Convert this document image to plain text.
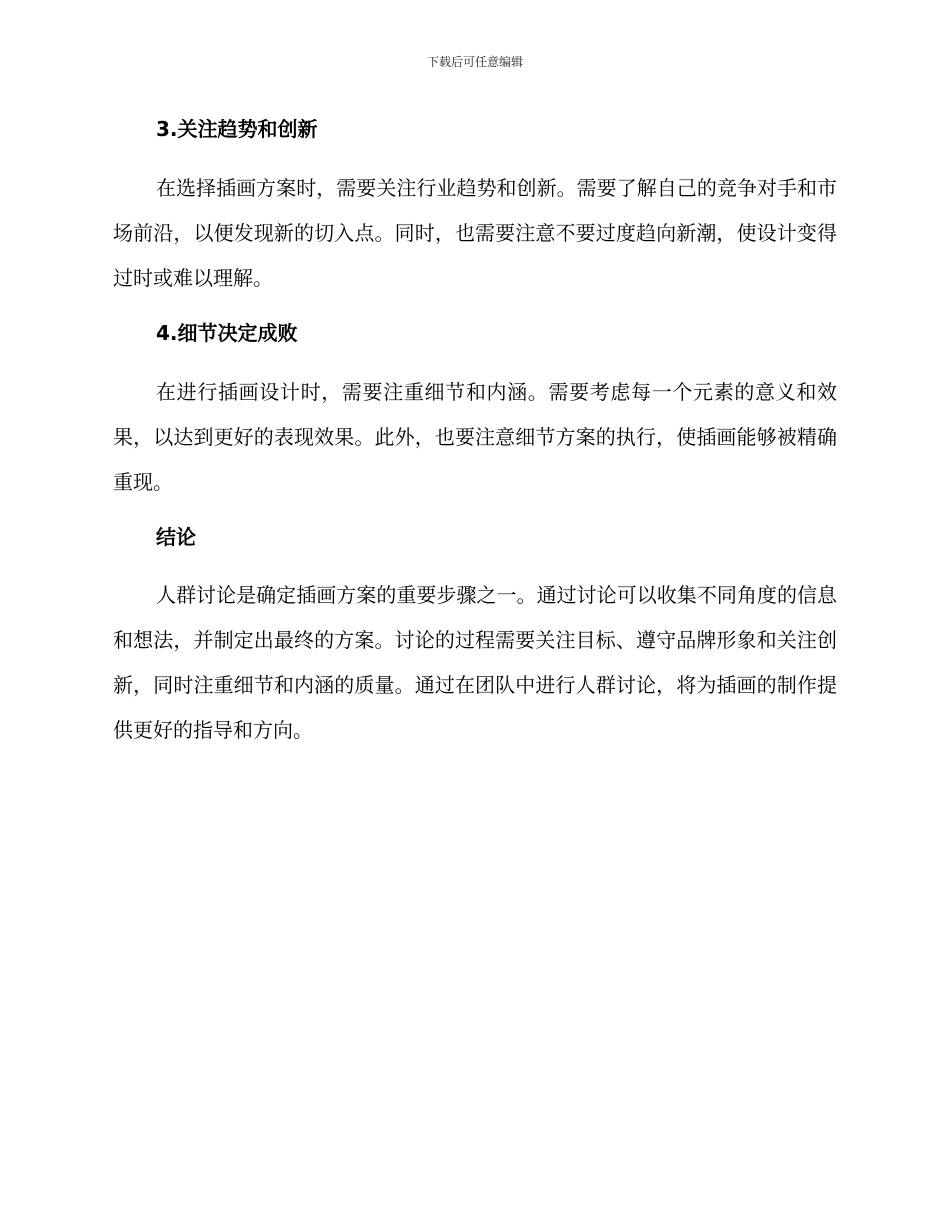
下载后可任意编辑
3.关注趋势和创新

在选择插画方案时，需要关注行业趋势和创新。需要了解自己的竞争对手和市场前沿，以便发现新的切入点。同时，也需要注意不要过度趋向新潮，使设计变得过时或难以理解。

4.细节决定成败

在进行插画设计时，需要注重细节和内涵。需要考虑每一个元素的意义和效果，以达到更好的表现效果。此外，也要注意细节方案的执行，使插画能够被精确重现。

结论

人群讨论是确定插画方案的重要步骤之一。通过讨论可以收集不同角度的信息和想法，并制定出最终的方案。讨论的过程需要关注目标、遵守品牌形象和关注创新，同时注重细节和内涵的质量。通过在团队中进行人群讨论，将为插画的制作提供更好的指导和方向。
